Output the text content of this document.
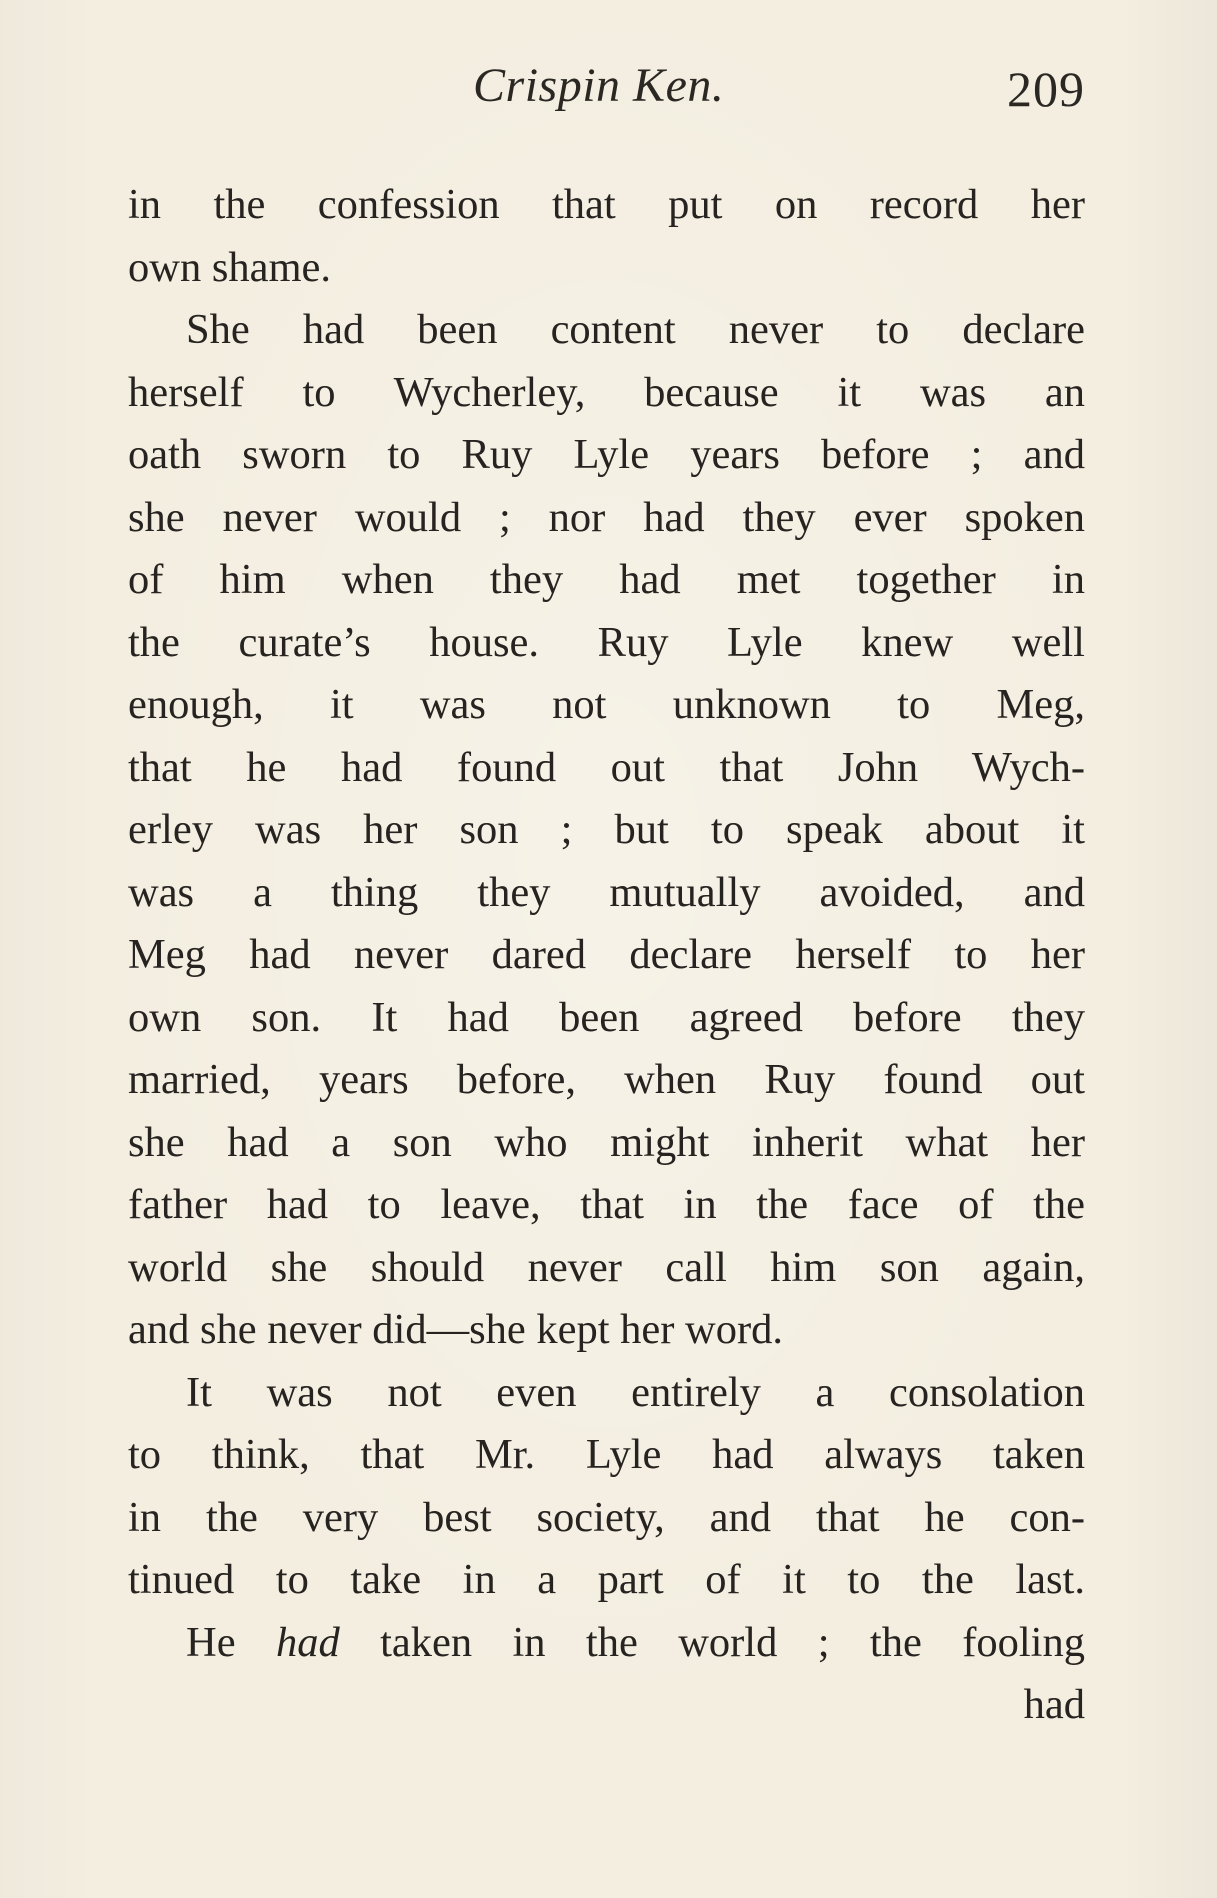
Crispin Ken.	209
in the confession that put on record her
own shame.
She had been content never to declare
herself to Wycherley, because it was an
oath sworn to Ruy Lyle years before ; and
she never would ; nor had they ever spoken
of him when they had met together in
the curate’s house. Ruy Lyle knew well
enough, it was not unknown to Meg,
that he had found out that John Wych-
erley was her son ; but to speak about it
was a thing they mutually avoided, and
Meg had never dared declare herself to her
own son. It had been agreed before they
married, years before, when Ruy found out
she had a son who might inherit what her
father had to leave, that in the face of the
world she should never call him son again,
and she never did—she kept her word.
It was not even entirely a consolation
to think, that Mr. Lyle had always taken
in the very best society, and that he con-
tinued to take in a part of it to the last.
He had taken in the world ; the fooling
had
